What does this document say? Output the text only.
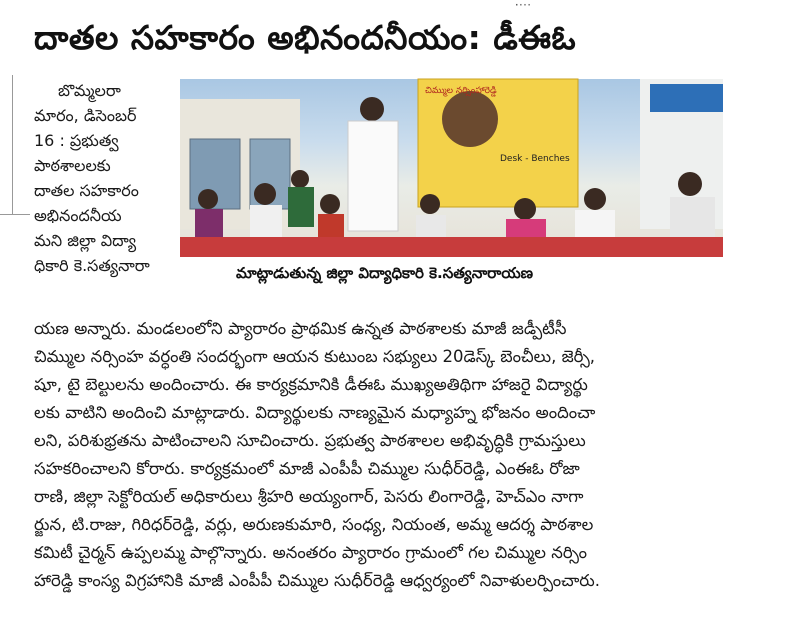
దాతల సహకారం అభినందనీయం: డీఈఓ
బొమ్మలరా
మారం, డిసెంబర్
16 : ప్రభుత్వ
పాఠశాలలకు
దాతల సహకారం
అభినందనీయ
మని జిల్లా విద్యా
ధికారి కె.సత్యనారా
చిమ్ముల నర్సింహారెడ్డి
Desk - Benches
మాట్లాడుతున్న జిల్లా విద్యాధికారి కె.సత్యనారాయణ
యణ అన్నారు. మండలంలోని ప్యారారం ప్రాథమిక ఉన్నత పాఠశాలకు మాజీ జడ్పీటీసీ
చిమ్ముల నర్సింహ వర్ధంతి సందర్భంగా ఆయన కుటుంబ సభ్యులు 20డెస్క్ బెంచీలు, జెర్సీ,
షూ, టై బెల్టులను అందించారు. ఈ కార్యక్రమానికి డీఈఓ ముఖ్యఅతిథిగా హాజరై విద్యార్థు
లకు వాటిని అందించి మాట్లాడారు. విద్యార్థులకు నాణ్యమైన మధ్యాహ్న భోజనం అందించా
లని, పరిశుభ్రతను పాటించాలని సూచించారు. ప్రభుత్వ పాఠశాలల అభివృద్ధికి గ్రామస్తులు
సహకరించాలని కోరారు. కార్యక్రమంలో మాజీ ఎంపీపీ చిమ్ముల సుధీర్‌రెడ్డి, ఎంఈఓ రోజా
రాణి, జిల్లా సెక్టోరియల్ అధికారులు శ్రీహరి అయ్యంగార్, పెసరు లింగారెడ్డి, హెచ్ఎం నాగా
ర్జున, టి.రాజు, గిరిధర్‌రెడ్డి, వర్లు, అరుణకుమారి, సంధ్య, నియంత, అమ్మ ఆదర్శ పాఠశాల
కమిటీ చైర్మన్ ఉప్పలమ్మ పాల్గొన్నారు. అనంతరం ప్యారారం గ్రామంలో గల చిమ్ముల నర్సిం
హారెడ్డి కాంస్య విగ్రహానికి మాజీ ఎంపీపీ చిమ్ముల సుధీర్‌రెడ్డి ఆధ్వర్యంలో నివాళులర్పించారు.
